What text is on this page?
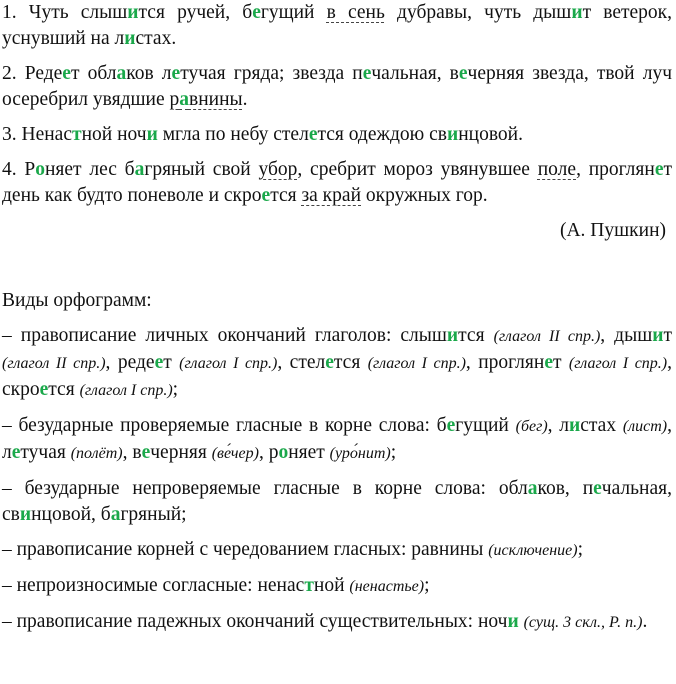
1. Чуть слышится ручей, бегущий в сень дубравы, чуть дышит ветерок, уснувший на листах.
2. Редеет облаков летучая гряда; звезда печальная, вечерняя звезда, твой луч осеребрил увядшие равнины.
3. Ненастной ночи мгла по небу стелется одеждою свинцовой.
4. Роняет лес багряный свой убор, сребрит мороз увянувшее поле, проглянет день как будто поневоле и скроется за край окружных гор.
(А. Пушкин)
Виды орфограмм:
– правописание личных окончаний глаголов: слышится (глагол II спр.), дышит (глагол II спр.), редеет (глагол I спр.), стелется (глагол I спр.), проглянет (глагол I спр.), скроется (глагол I спр.);
– безударные проверяемые гласные в корне слова: бегущий (бег), листах (лист), летучая (полёт), вечерняя (ве́чер), роняет (уро́нит);
– безударные непроверяемые гласные в корне слова: облаков, печальная, свинцовой, багряный;
– правописание корней с чередованием гласных: равнины (исключение);
– непроизносимые согласные: ненастной (ненастье);
– правописание падежных окончаний существительных: ночи (сущ. 3 скл., Р. п.).
